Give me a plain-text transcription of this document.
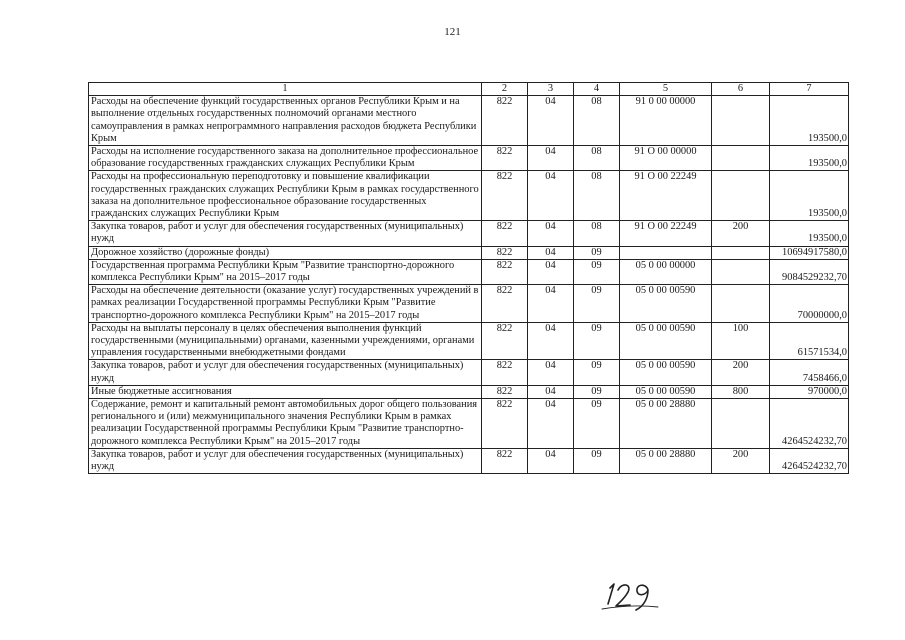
121
1	2	3	4	5	6	7
Расходы на обеспечение функций государственных органов Республики Крым и на выполнение отдельных государственных полномочий органами местного самоуправления в рамках непрограммного направления расходов бюджета Республики Крым	822	04	08	91 0 00 00000		193500,0
Расходы на исполнение государственного заказа на дополнительное профессиональное образование государственных гражданских служащих Республики Крым	822	04	08	91 О 00 00000		193500,0
Расходы на профессиональную переподготовку и повышение квалификации государственных гражданских служащих Республики Крым в рамках государственного заказа на дополнительное профессиональное образование государственных гражданских служащих Республики Крым	822	04	08	91 О 00 22249		193500,0
Закупка товаров, работ и услуг для обеспечения государственных (муниципальных) нужд	822	04	08	91 О 00 22249	200	193500,0
Дорожное хозяйство (дорожные фонды)	822	04	09			10694917580,0
Государственная программа Республики Крым "Развитие транспортно-дорожного комплекса Республики Крым" на 2015–2017 годы	822	04	09	05 0 00 00000		9084529232,70
Расходы на обеспечение деятельности (оказание услуг) государственных учреждений в рамках реализации Государственной программы Республики Крым "Развитие транспортно-дорожного комплекса Республики Крым" на 2015–2017 годы	822	04	09	05 0 00 00590		70000000,0
Расходы на выплаты персоналу в целях обеспечения выполнения функций государственными (муниципальными) органами, казенными учреждениями, органами управления государственными внебюджетными фондами	822	04	09	05 0 00 00590	100	61571534,0
Закупка товаров, работ и услуг для обеспечения государственных (муниципальных) нужд	822	04	09	05 0 00 00590	200	7458466,0
Иные бюджетные ассигнования	822	04	09	05 0 00 00590	800	970000,0
Содержание, ремонт и капитальный ремонт автомобильных дорог общего пользования регионального и (или) межмуниципального значения Республики Крым в рамках реализации Государственной программы Республики Крым "Развитие транспортно-дорожного комплекса Республики Крым" на 2015–2017 годы	822	04	09	05 0 00 28880		4264524232,70
Закупка товаров, работ и услуг для обеспечения государственных (муниципальных) нужд	822	04	09	05 0 00 28880	200	4264524232,70
